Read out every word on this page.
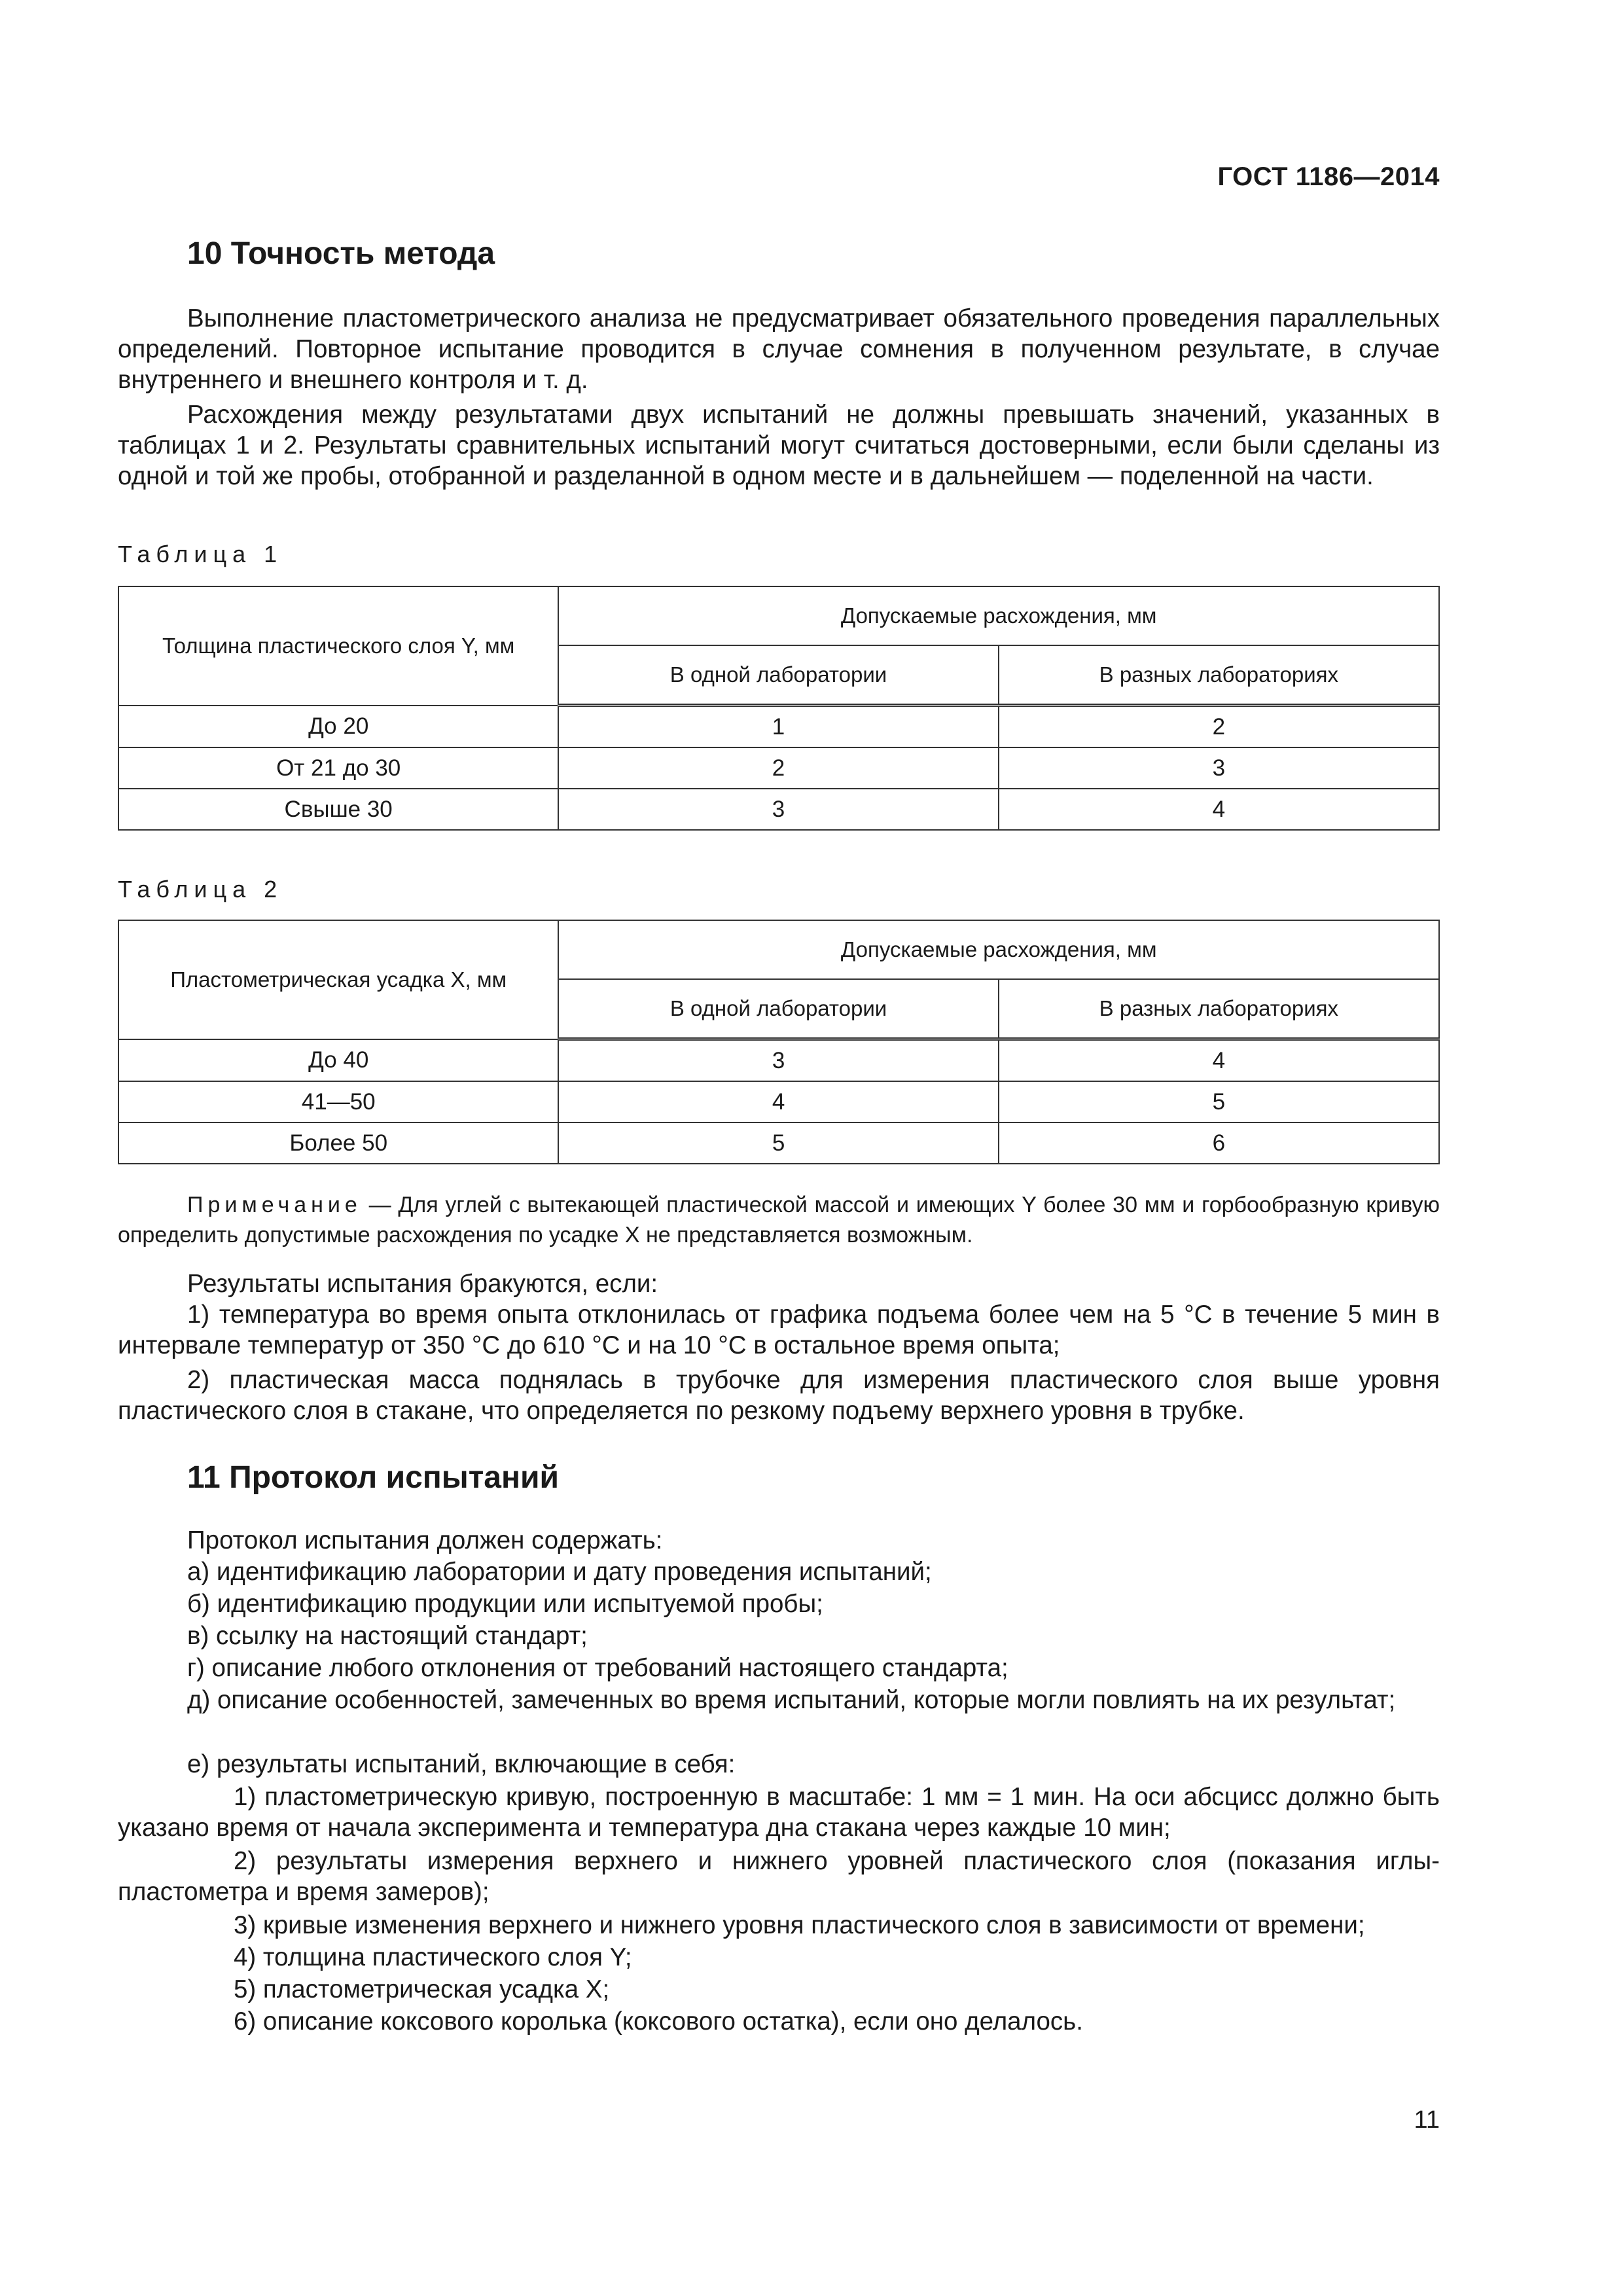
ГОСТ 1186—2014
10 Точность метода
Выполнение пластометрического анализа не предусматривает обязательного проведения параллельных определений. Повторное испытание проводится в случае сомнения в полученном результате, в случае внутреннего и внешнего контроля и т. д.
Расхождения между результатами двух испытаний не должны превышать значений, указанных в таблицах 1 и 2. Результаты сравнительных испытаний могут считаться достоверными, если были сделаны из одной и той же пробы, отобранной и разделанной в одном месте и в дальнейшем — поделенной на части.
Таблица 1
Толщина пластического слоя Y, мм	Допускаемые расхождения, мм	
	В одной лаборатории	В разных лабораториях
До 20	1	2
От 21 до 30	2	3
Свыше 30	3	4
Таблица 2
Пластометрическая усадка X, мм	Допускаемые расхождения, мм	
	В одной лаборатории	В разных лабораториях
До 40	3	4
41—50	4	5
Более 50	5	6
Примечание — Для углей с вытекающей пластической массой и имеющих Y более 30 мм и горбообразную кривую определить допустимые расхождения по усадке X не представляется возможным.
Результаты испытания бракуются, если:
1) температура во время опыта отклонилась от графика подъема более чем на 5 °С в течение 5 мин в интервале температур от 350 °С до 610 °С и на 10 °С в остальное время опыта;
2) пластическая масса поднялась в трубочке для измерения пластического слоя выше уровня пластического слоя в стакане, что определяется по резкому подъему верхнего уровня в трубке.
11 Протокол испытаний
Протокол испытания должен содержать:
а) идентификацию лаборатории и дату проведения испытаний;
б) идентификацию продукции или испытуемой пробы;
в) ссылку на настоящий стандарт;
г) описание любого отклонения от требований настоящего стандарта;
д) описание особенностей, замеченных во время испытаний, которые могли повлиять на их результат;
е) результаты испытаний, включающие в себя:
1) пластометрическую кривую, построенную в масштабе: 1 мм = 1 мин. На оси абсцисс должно быть указано время от начала эксперимента и температура дна стакана через каждые 10 мин;
2) результаты измерения верхнего и нижнего уровней пластического слоя (показания иглы-пластометра и время замеров);
3) кривые изменения верхнего и нижнего уровня пластического слоя в зависимости от времени;
4) толщина пластического слоя Y;
5) пластометрическая усадка X;
6) описание коксового королька (коксового остатка), если оно делалось.
11
